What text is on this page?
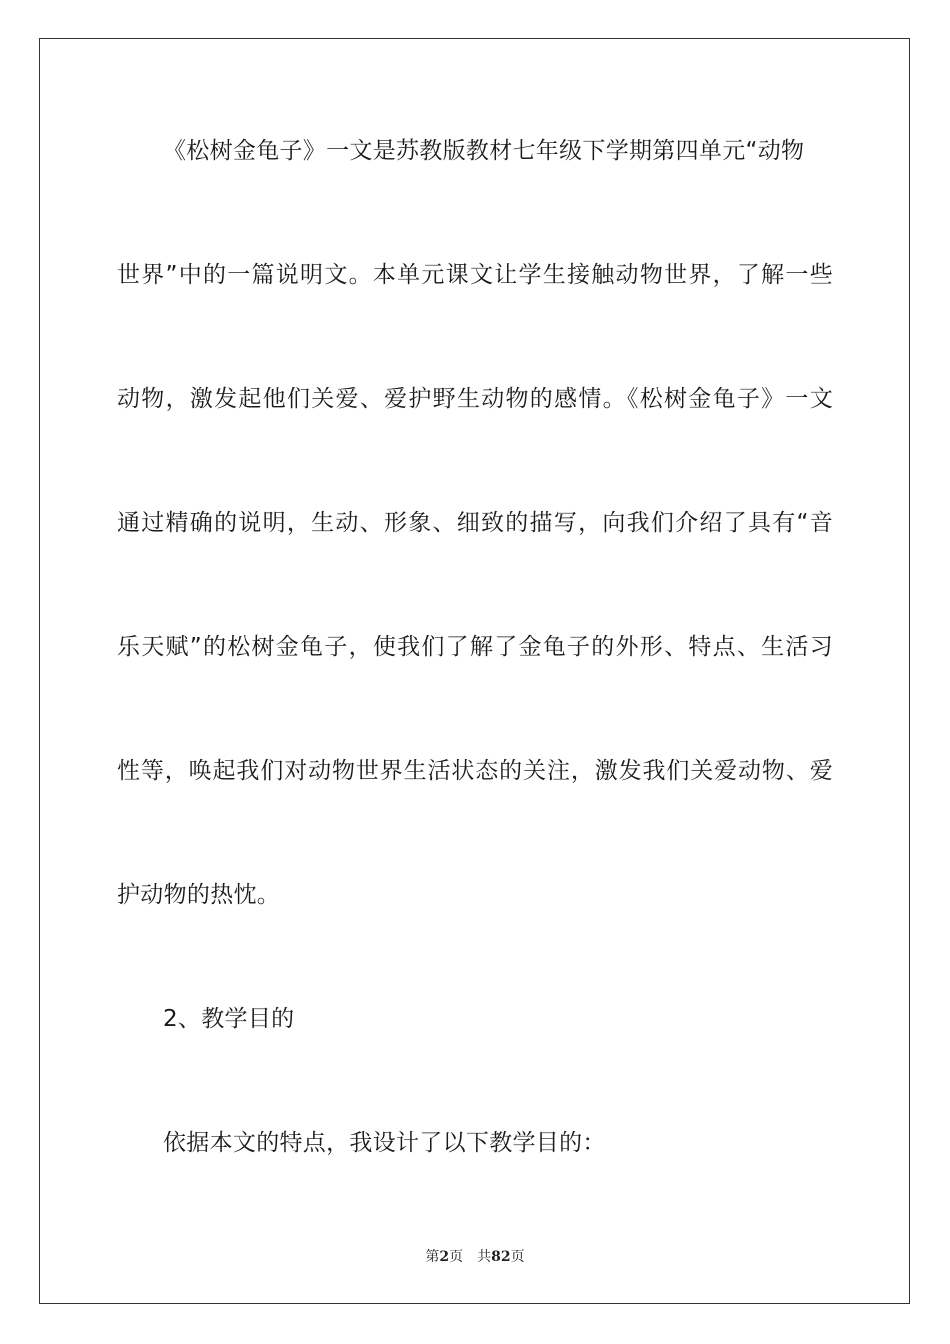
《松树金龟子》一文是苏教版教材七年级下学期第四单元“动物
世界”中的一篇说明文。本单元课文让学生接触动物世界，了解一些
动物，激发起他们关爱、爱护野生动物的感情。《松树金龟子》一文
通过精确的说明，生动、形象、细致的描写，向我们介绍了具有“音
乐天赋”的松树金龟子，使我们了解了金龟子的外形、特点、生活习
性等，唤起我们对动物世界生活状态的关注，激发我们关爱动物、爱
护动物的热忱。
2、教学目的
依据本文的特点，我设计了以下教学目的：
第2页 共82页
